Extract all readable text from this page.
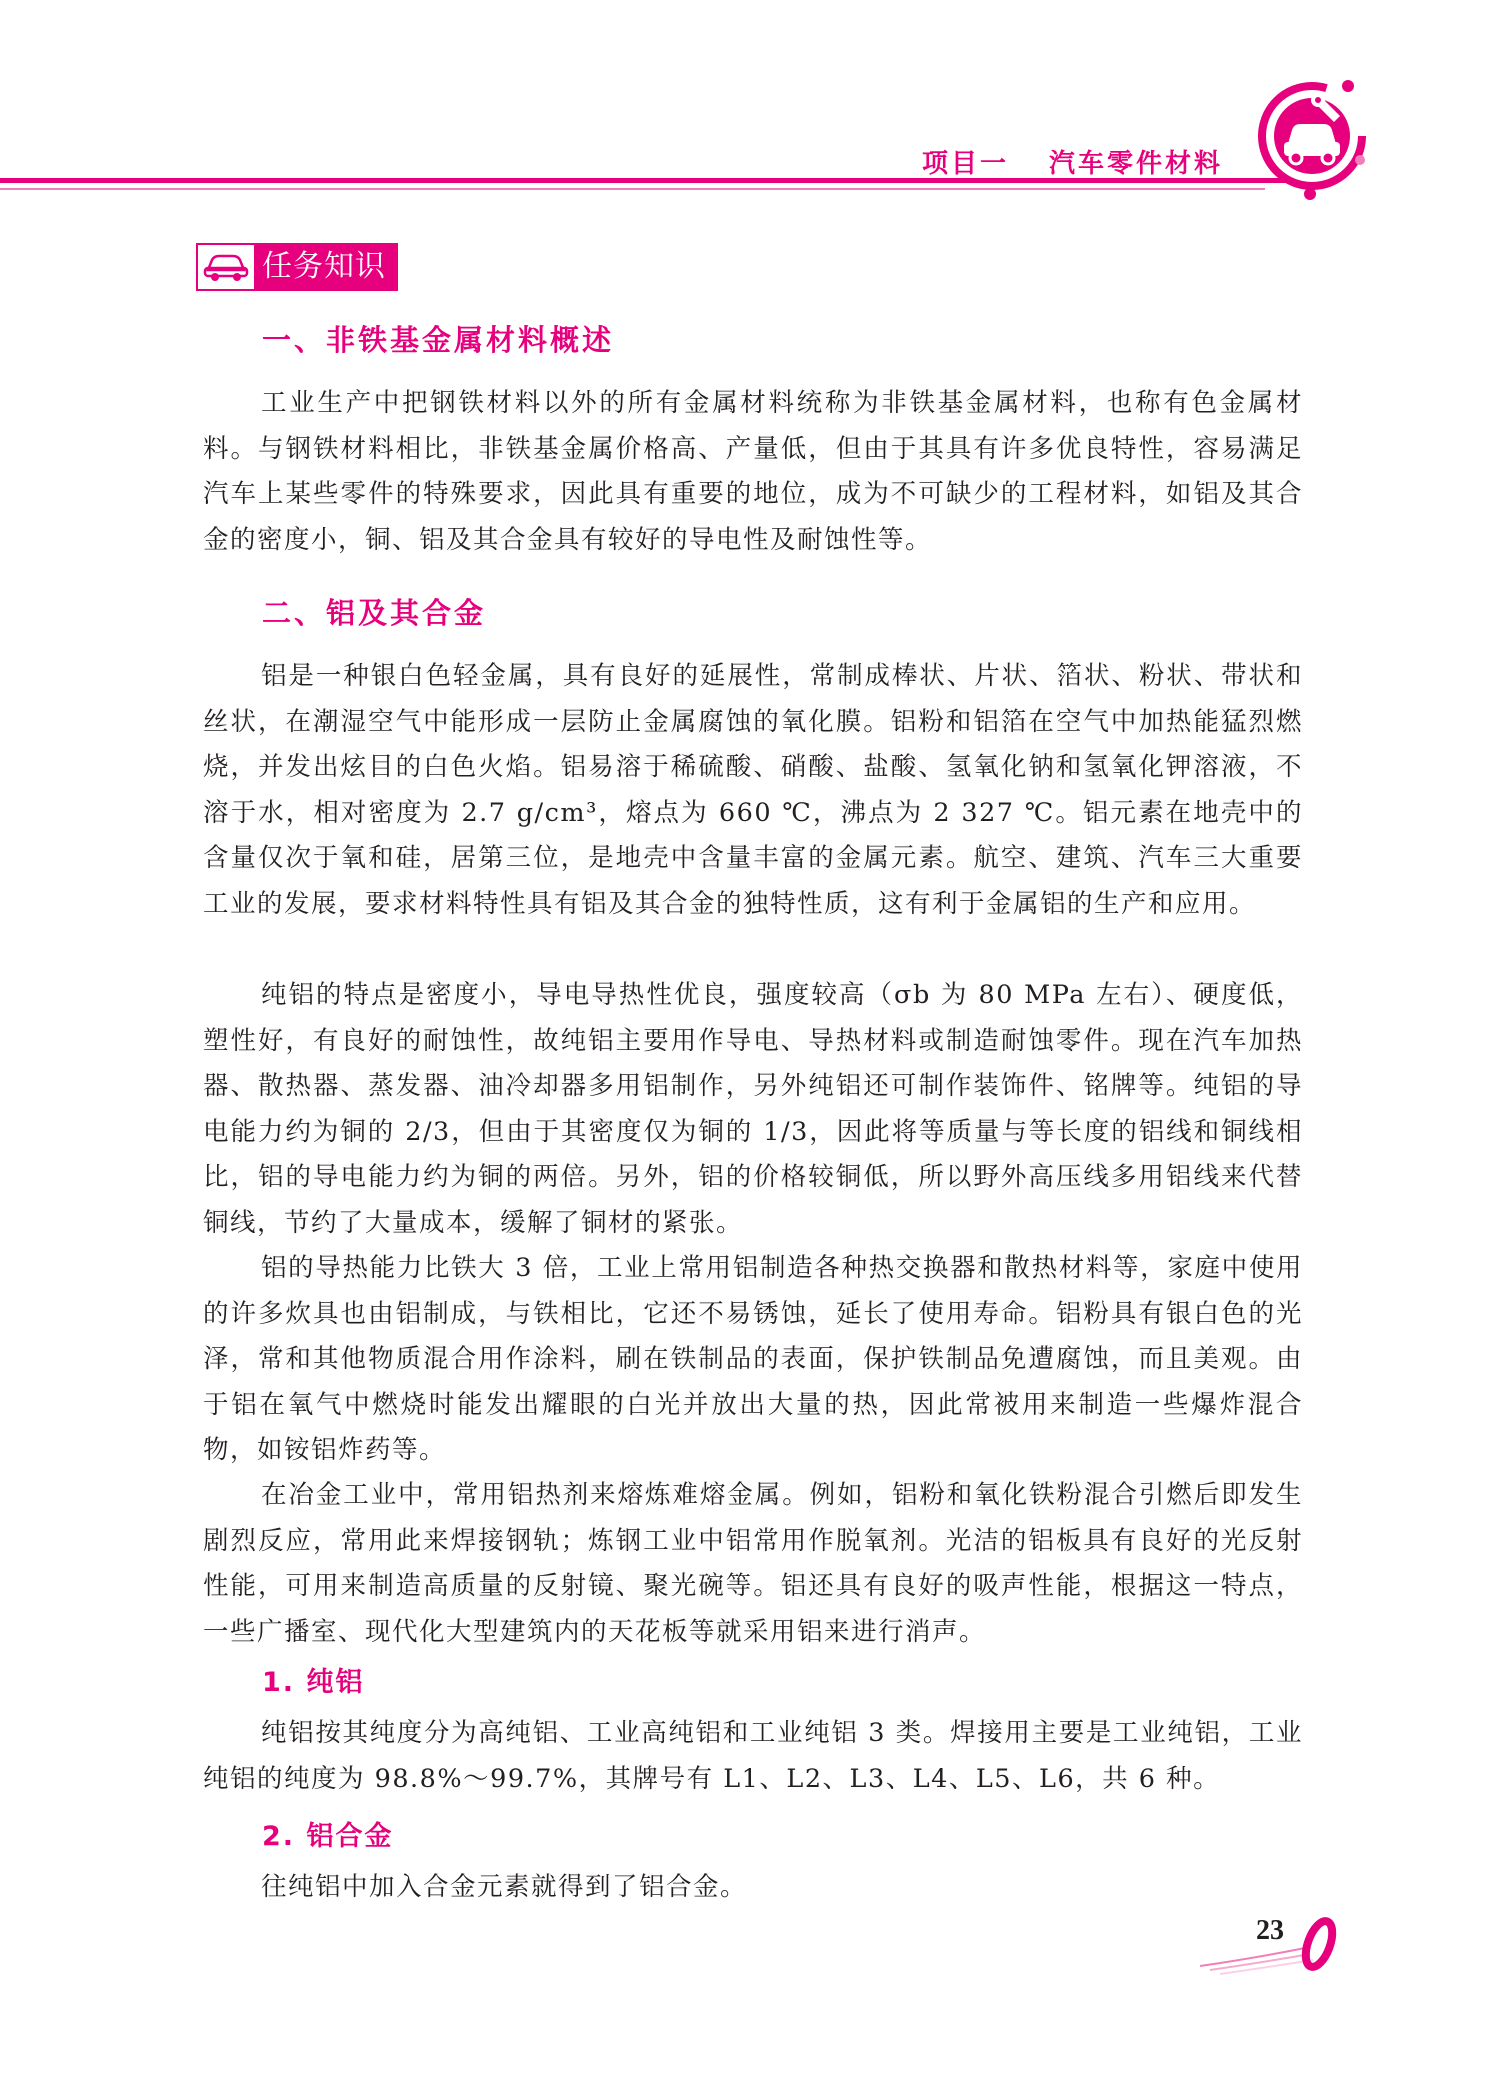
项目一 汽车零件材料
任务知识
一、非铁基金属材料概述

工业生产中把钢铁材料以外的所有金属材料统称为非铁基金属材料，也称有色金属材料。与钢铁材料相比，非铁基金属价格高、产量低，但由于其具有许多优良特性，容易满足汽车上某些零件的特殊要求，因此具有重要的地位，成为不可缺少的工程材料，如铝及其合金的密度小，铜、铝及其合金具有较好的导电性及耐蚀性等。

二、铝及其合金

铝是一种银白色轻金属，具有良好的延展性，常制成棒状、片状、箔状、粉状、带状和丝状，在潮湿空气中能形成一层防止金属腐蚀的氧化膜。铝粉和铝箔在空气中加热能猛烈燃烧，并发出炫目的白色火焰。铝易溶于稀硫酸、硝酸、盐酸、氢氧化钠和氢氧化钾溶液，不溶于水，相对密度为 2.7 g/cm³，熔点为 660 ℃，沸点为 2 327 ℃。铝元素在地壳中的含量仅次于氧和硅，居第三位，是地壳中含量丰富的金属元素。航空、建筑、汽车三大重要工业的发展，要求材料特性具有铝及其合金的独特性质，这有利于金属铝的生产和应用。

纯铝的特点是密度小，导电导热性优良，强度较高（σb 为 80 MPa 左右）、硬度低，塑性好，有良好的耐蚀性，故纯铝主要用作导电、导热材料或制造耐蚀零件。现在汽车加热器、散热器、蒸发器、油冷却器多用铝制作，另外纯铝还可制作装饰件、铭牌等。纯铝的导电能力约为铜的 2/3，但由于其密度仅为铜的 1/3，因此将等质量与等长度的铝线和铜线相比，铝的导电能力约为铜的两倍。另外，铝的价格较铜低，所以野外高压线多用铝线来代替铜线，节约了大量成本，缓解了铜材的紧张。

铝的导热能力比铁大 3 倍，工业上常用铝制造各种热交换器和散热材料等，家庭中使用的许多炊具也由铝制成，与铁相比，它还不易锈蚀，延长了使用寿命。铝粉具有银白色的光泽，常和其他物质混合用作涂料，刷在铁制品的表面，保护铁制品免遭腐蚀，而且美观。由于铝在氧气中燃烧时能发出耀眼的白光并放出大量的热，因此常被用来制造一些爆炸混合物，如铵铝炸药等。

在冶金工业中，常用铝热剂来熔炼难熔金属。例如，铝粉和氧化铁粉混合引燃后即发生剧烈反应，常用此来焊接钢轨；炼钢工业中铝常用作脱氧剂。光洁的铝板具有良好的光反射性能，可用来制造高质量的反射镜、聚光碗等。铝还具有良好的吸声性能，根据这一特点，一些广播室、现代化大型建筑内的天花板等就采用铝来进行消声。

1. 纯铝

纯铝按其纯度分为高纯铝、工业高纯铝和工业纯铝 3 类。焊接用主要是工业纯铝，工业纯铝的纯度为 98.8%～99.7%，其牌号有 L1、L2、L3、L4、L5、L6，共 6 种。

2. 铝合金

往纯铝中加入合金元素就得到了铝合金。

23
